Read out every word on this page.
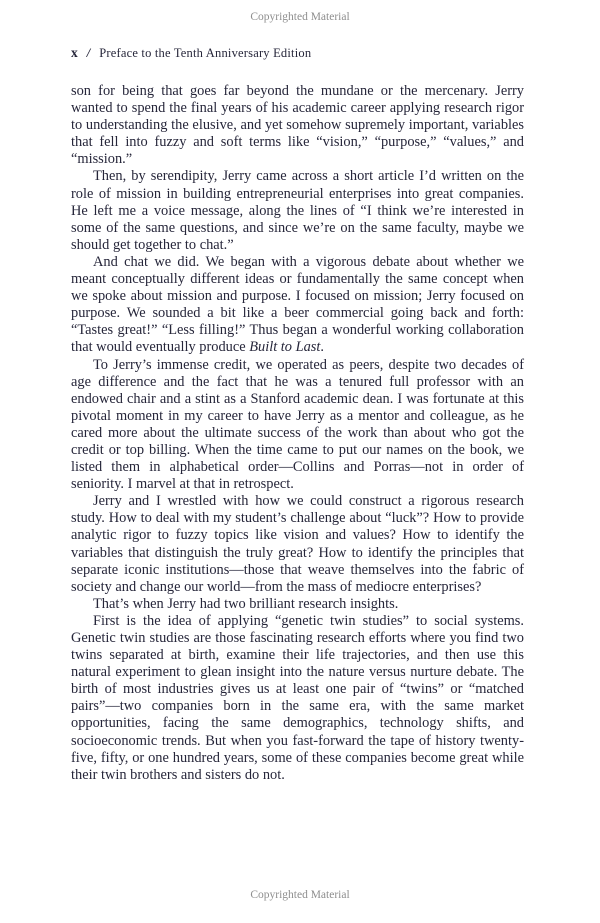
Copyrighted Material
x / Preface to the Tenth Anniversary Edition

son for being that goes far beyond the mundane or the mercenary. Jerry wanted to spend the final years of his academic career applying research rigor to understanding the elusive, and yet somehow supremely important, variables that fell into fuzzy and soft terms like “vision,” “purpose,” “values,” and “mission.”

Then, by serendipity, Jerry came across a short article I’d written on the role of mission in building entrepreneurial enterprises into great companies. He left me a voice message, along the lines of “I think we’re interested in some of the same questions, and since we’re on the same faculty, maybe we should get together to chat.”

And chat we did. We began with a vigorous debate about whether we meant conceptually different ideas or fundamentally the same concept when we spoke about mission and purpose. I focused on mission; Jerry focused on purpose. We sounded a bit like a beer commercial going back and forth: “Tastes great!” “Less filling!” Thus began a wonderful working collaboration that would eventually produce Built to Last.

To Jerry’s immense credit, we operated as peers, despite two decades of age difference and the fact that he was a tenured full professor with an endowed chair and a stint as a Stanford academic dean. I was fortunate at this pivotal moment in my career to have Jerry as a mentor and colleague, as he cared more about the ultimate success of the work than about who got the credit or top billing. When the time came to put our names on the book, we listed them in alphabetical order—Collins and Porras—not in order of seniority. I marvel at that in retrospect.

Jerry and I wrestled with how we could construct a rigorous research study. How to deal with my student’s challenge about “luck”? How to provide analytic rigor to fuzzy topics like vision and values? How to identify the variables that distinguish the truly great? How to identify the principles that separate iconic institutions—those that weave themselves into the fabric of society and change our world—from the mass of mediocre enterprises?

That’s when Jerry had two brilliant research insights.

First is the idea of applying “genetic twin studies” to social systems. Genetic twin studies are those fascinating research efforts where you find two twins separated at birth, examine their life trajectories, and then use this natural experiment to glean insight into the nature versus nurture debate. The birth of most industries gives us at least one pair of “twins” or “matched pairs”—two companies born in the same era, with the same market opportunities, facing the same demographics, technology shifts, and socioeconomic trends. But when you fast-forward the tape of history twenty-five, fifty, or one hundred years, some of these companies become great while their twin brothers and sisters do not.

Copyrighted Material
